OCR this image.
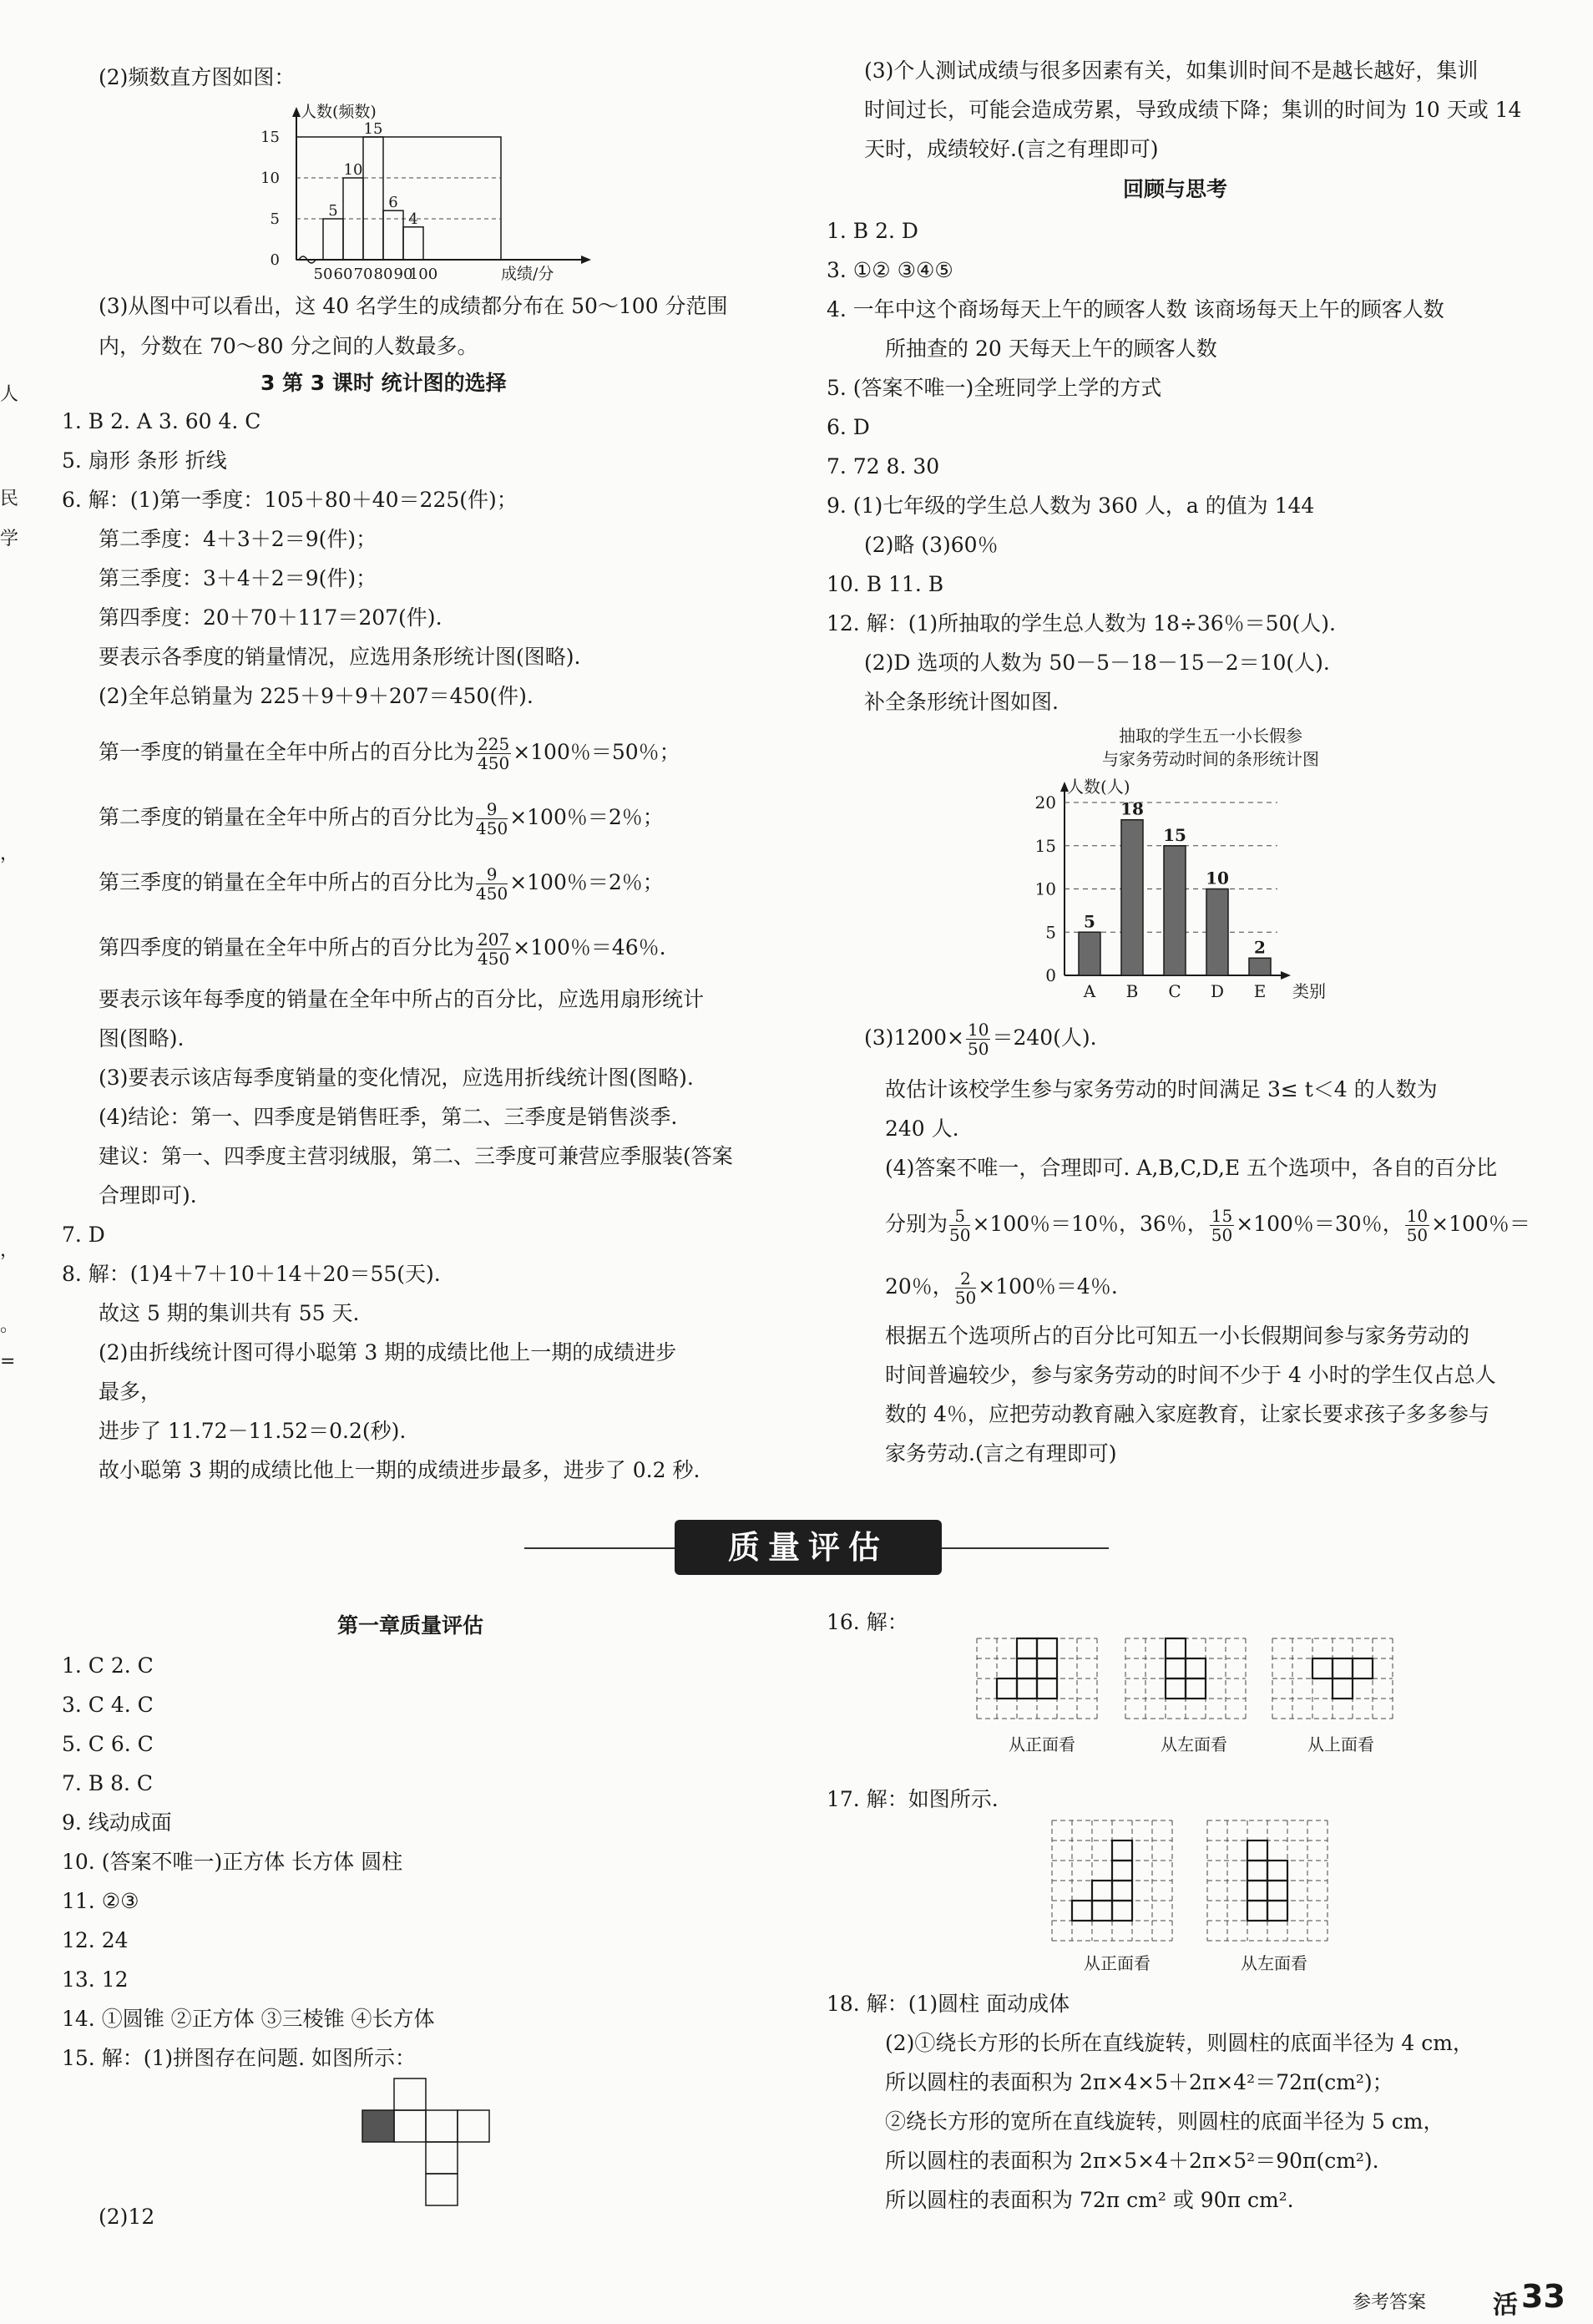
人
民
学
，
，
。
=
(2)频数直方图如图：
人数(频数)
5
10
15
6
4
15
10
5
0
50 60 70 80 90
100	成绩/分
(3)从图中可以看出，这 40 名学生的成绩都分布在 50～100 分范围
内，分数在 70～80 分之间的人数最多。
3 第 3 课时 统计图的选择
1. B 2. A 3. 60 4. C
5. 扇形 条形 折线
6. 解：(1)第一季度：105＋80＋40＝225(件)；
第二季度：4＋3＋2＝9(件)；
第三季度：3＋4＋2＝9(件)；
第四季度：20＋70＋117＝207(件).
要表示各季度的销量情况，应选用条形统计图(图略).
(2)全年总销量为 225＋9＋9＋207＝450(件).
第一季度的销量在全年中所占的百分比为 $\frac{225}{450} \times 100$％＝50％；
第二季度的销量在全年中所占的百分比为 $\frac{9}{450} \times 100$％＝2％；
第三季度的销量在全年中所占的百分比为 $\frac{9}{450} \times 100$％＝2％；
第四季度的销量在全年中所占的百分比为 $\frac{207}{450} \times 100$％＝46％.
要表示该年每季度的销量在全年中所占的百分比，应选用扇形统计
图(图略).
(3)要表示该店每季度销量的变化情况，应选用折线统计图(图略).
(4)结论：第一、四季度是销售旺季，第二、三季度是销售淡季.
建议：第一、四季度主营羽绒服，第二、三季度可兼营应季服装(答案
合理即可).
7. D
8. 解：(1)4＋7＋10＋14＋20＝55(天).
故这 5 期的集训共有 55 天.
(2)由折线统计图可得小聪第 3 期的成绩比他上一期的成绩进步
最多，
进步了 11.72－11.52＝0.2(秒).
故小聪第 3 期的成绩比他上一期的成绩进步最多，进步了 0.2 秒.
(3)个人测试成绩与很多因素有关，如集训时间不是越长越好，集训
时间过长，可能会造成劳累，导致成绩下降；集训的时间为 10 天或 14
天时，成绩较好.(言之有理即可)
回顾与思考
1. B 2. D
3. ①② ③④⑤
4. 一年中这个商场每天上午的顾客人数 该商场每天上午的顾客人数
所抽查的 20 天每天上午的顾客人数
5. (答案不唯一)全班同学上学的方式
6. D
7. 72 8. 30
9. (1)七年级的学生总人数为 360 人，a 的值为 144
(2)略 (3)60％
10. B 11. B
12. 解：(1)所抽取的学生总人数为 18÷36％＝50(人).
(2)D 选项的人数为 50－5－18－15－2＝10(人).
补全条形统计图如图.
抽取的学生五一小长假参
与家务劳动时间的条形统计图
人数(人)
5
A
18
B
15
C
10
D
2
E
20
15
10
5
0
类别
$(3)1200\times \frac{10}{50} =240$(人).
故估计该校学生参与家务劳动的时间满足 3≤ t＜4 的人数为
240 人.
(4)答案不唯一，合理即可. A,B,C,D,E 五个选项中，各自的百分比
分别为 $\frac{5}{50} \times 100$％＝10％，36％， $\frac{15}{50} \times 100$％＝30％， $\frac{10}{50} \times 100$％＝
20％， $\frac{2}{50} \times 100$％＝4％.
根据五个选项所占的百分比可知五一小长假期间参与家务劳动的
时间普遍较少，参与家务劳动的时间不少于 4 小时的学生仅占总人
数的 4％，应把劳动教育融入家庭教育，让家长要求孩子多多参与
家务劳动.(言之有理即可)
质量评估
第一章质量评估
1. C 2. C
3. C 4. C
5. C 6. C
7. B 8. C
9. 线动成面
10. (答案不唯一)正方体 长方体 圆柱
11. ②③
12. 24
13. 12
14. ①圆锥 ②正方体 ③三棱锥 ④长方体
15. 解：(1)拼图存在问题. 如图所示：
(2)12
16. 解：
从正面看	从左面看	从上面看
17. 解：如图所示.
从正面看	从左面看
18. 解：(1)圆柱 面动成体
(2)①绕长方形的长所在直线旋转，则圆柱的底面半径为 4 cm，
所以圆柱的表面积为 2π×4×5＋2π×4²＝72π(cm²)；
②绕长方形的宽所在直线旋转，则圆柱的底面半径为 5 cm，
所以圆柱的表面积为 2π×5×4＋2π×5²＝90π(cm²).
所以圆柱的表面积为 72π cm² 或 90π cm².
参考答案	活 33
